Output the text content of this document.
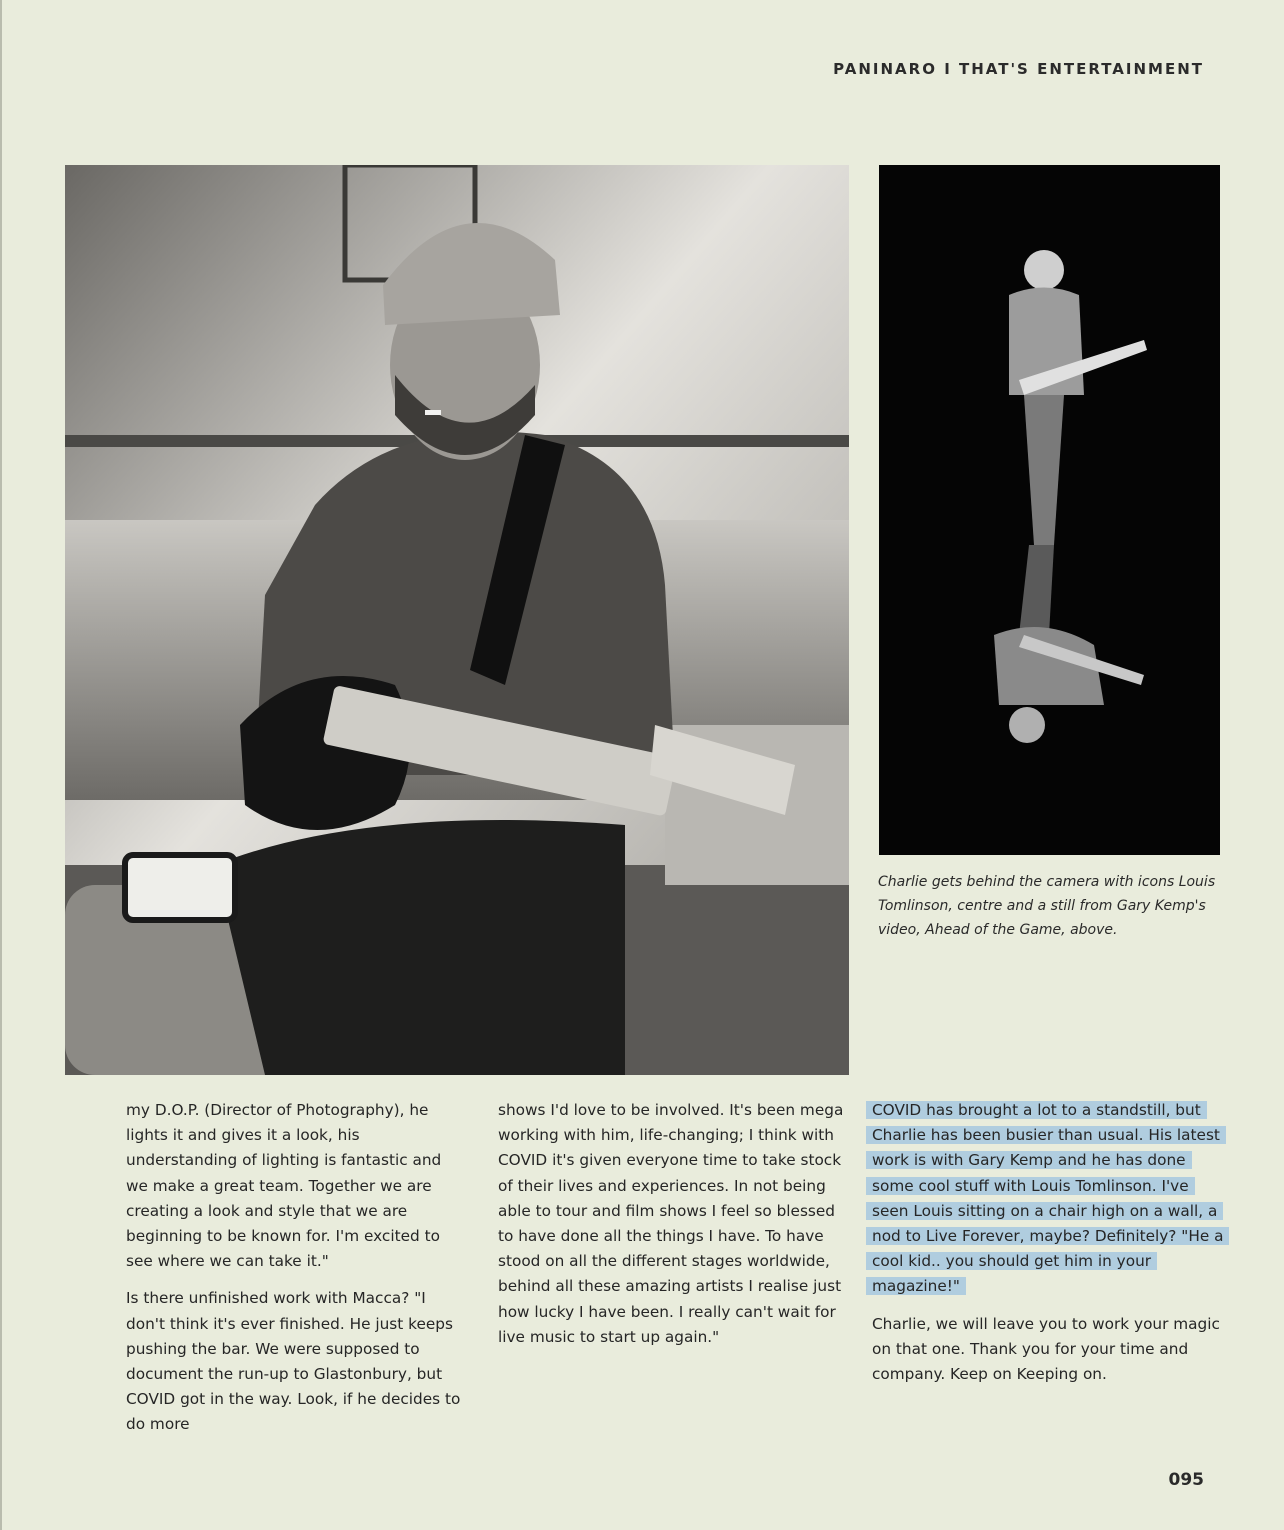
PANINARO I THAT'S ENTERTAINMENT
Charlie gets behind the camera with icons Louis Tomlinson, centre and a still from Gary Kemp's video, Ahead of the Game, above.

my D.O.P. (Director of Photography), he lights it and gives it a look, his understanding of lighting is fantastic and we make a great team. Together we are creating a look and style that we are beginning to be known for. I'm excited to see where we can take it."

Is there unfinished work with Macca? "I don't think it's ever finished. He just keeps pushing the bar. We were supposed to document the run-up to Glastonbury, but COVID got in the way. Look, if he decides to do more

shows I'd love to be involved. It's been mega working with him, life-changing; I think with COVID it's given everyone time to take stock of their lives and experiences. In not being able to tour and film shows I feel so blessed to have done all the things I have. To have stood on all the different stages worldwide, behind all these amazing artists I realise just how lucky I have been. I really can't wait for live music to start up again."

COVID has brought a lot to a standstill, but Charlie has been busier than usual. His latest work is with Gary Kemp and he has done some cool stuff with Louis Tomlinson. I've seen Louis sitting on a chair high on a wall, a nod to Live Forever, maybe? Definitely? "He a cool kid.. you should get him in your magazine!"

Charlie, we will leave you to work your magic on that one. Thank you for your time and company. Keep on Keeping on.

095
